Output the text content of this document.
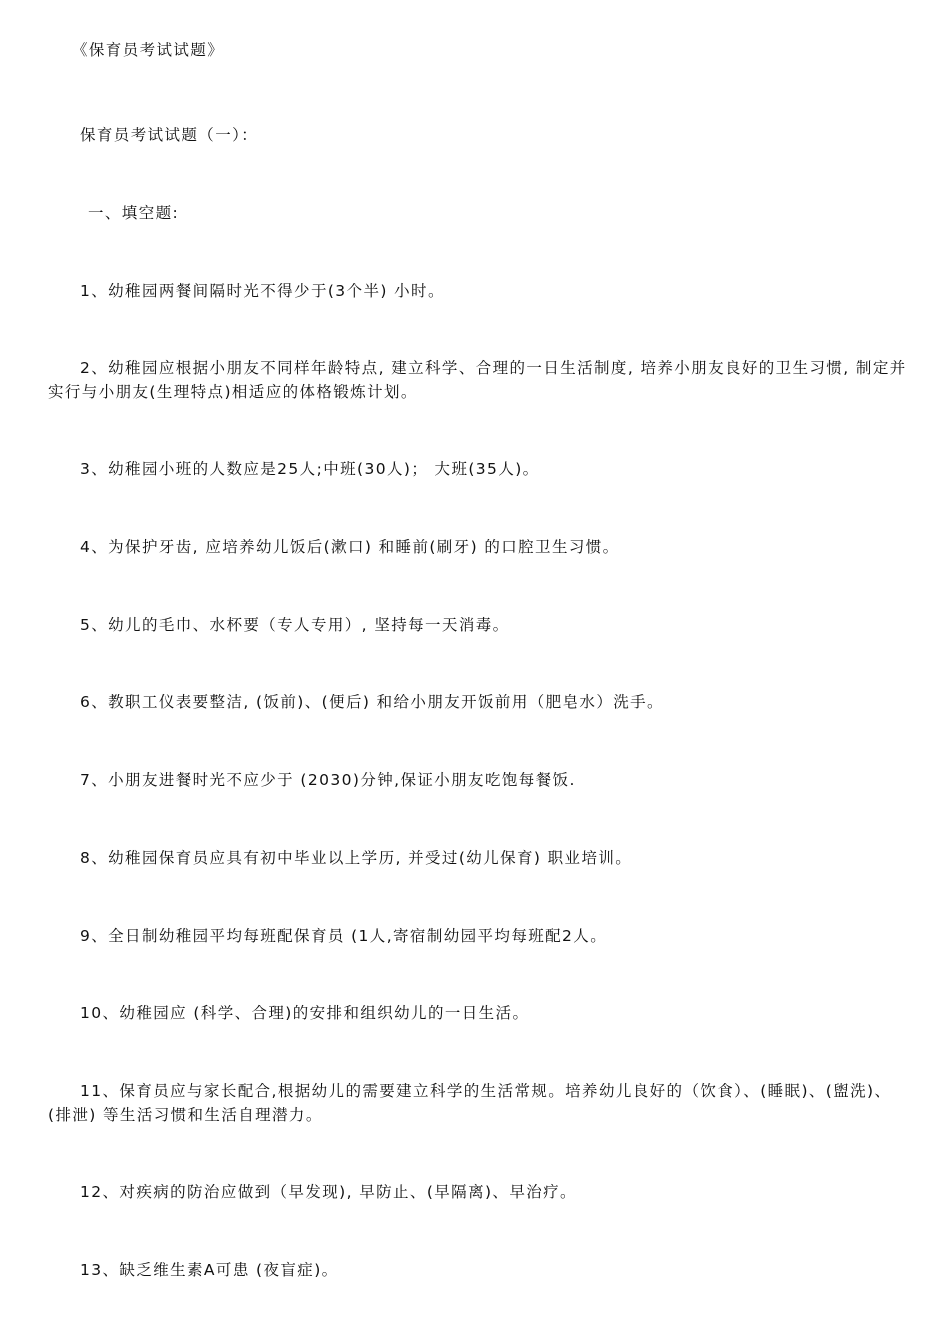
《保育员考试试题》
保育员考试试题（一）：
一、填空题:
1、幼稚园两餐间隔时光不得少于(3个半) 小时。
2、幼稚园应根据小朋友不同样年龄特点, 建立科学、合理的一日生活制度, 培养小朋友良好的卫生习惯, 制定并实行与小朋友(生理特点)相适应的体格锻炼计划。
3、幼稚园小班的人数应是25人;中班(30人)； 大班(35人)。
4、为保护牙齿, 应培养幼儿饭后(漱口) 和睡前(刷牙) 的口腔卫生习惯。
5、幼儿的毛巾、水杯要（专人专用）, 坚持每一天消毒。
6、教职工仪表要整洁, (饭前)、(便后) 和给小朋友开饭前用（肥皂水）洗手。
7、小朋友进餐时光不应少于 (2030)分钟,保证小朋友吃饱每餐饭.
8、幼稚园保育员应具有初中毕业以上学历, 并受过(幼儿保育) 职业培训。
9、全日制幼稚园平均每班配保育员 (1人,寄宿制幼园平均每班配2人。
10、幼稚园应 (科学、合理)的安排和组织幼儿的一日生活。
11、保育员应与家长配合,根据幼儿的需要建立科学的生活常规。培养幼儿良好的（饮食）、(睡眠)、(盥洗)、(排泄) 等生活习惯和生活自理潜力。
12、对疾病的防治应做到（早发现), 早防止、(早隔离)、早治疗。
13、缺乏维生素A可患 (夜盲症)。
